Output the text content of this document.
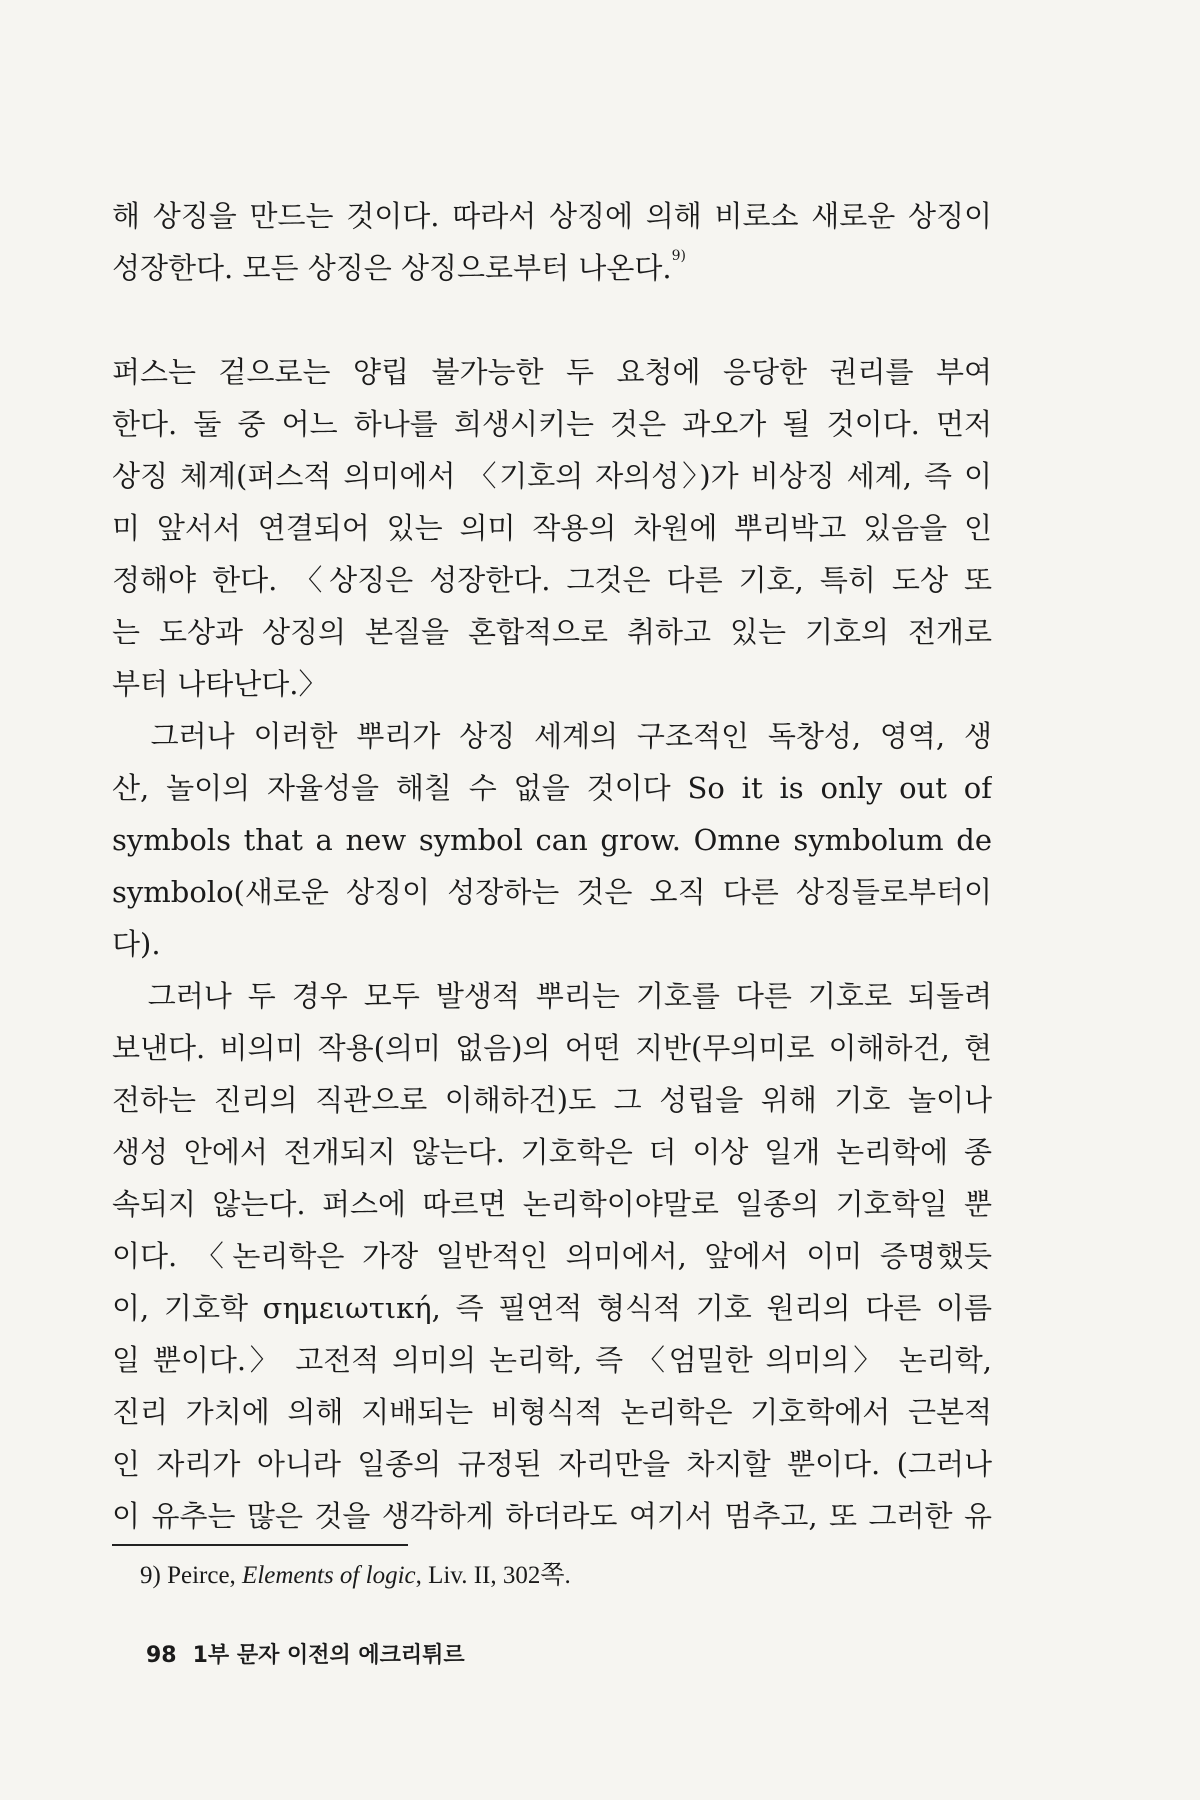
해 상징을 만드는 것이다. 따라서 상징에 의해 비로소 새로운 상징이
성장한다. 모든 상징은 상징으로부터 나온다.$^{9)}$
퍼스는 겉으로는 양립 불가능한 두 요청에 응당한 권리를 부여
한다. 둘 중 어느 하나를 희생시키는 것은 과오가 될 것이다. 먼저
상징 체계(퍼스적 의미에서 〈기호의 자의성〉)가 비상징 세계, 즉 이
미 앞서서 연결되어 있는 의미 작용의 차원에 뿌리박고 있음을 인
정해야 한다. 〈상징은 성장한다. 그것은 다른 기호, 특히 도상 또
는 도상과 상징의 본질을 혼합적으로 취하고 있는 기호의 전개로
부터 나타난다.〉
　그러나 이러한 뿌리가 상징 세계의 구조적인 독창성, 영역, 생
산, 놀이의 자율성을 해칠 수 없을 것이다 So it is only out of
symbols that a new symbol can grow. Omne symbolum de
symbolo(새로운 상징이 성장하는 것은 오직 다른 상징들로부터이
다).
　그러나 두 경우 모두 발생적 뿌리는 기호를 다른 기호로 되돌려
보낸다. 비의미 작용(의미 없음)의 어떤 지반(무의미로 이해하건, 현
전하는 진리의 직관으로 이해하건)도 그 성립을 위해 기호 놀이나
생성 안에서 전개되지 않는다. 기호학은 더 이상 일개 논리학에 종
속되지 않는다. 퍼스에 따르면 논리학이야말로 일종의 기호학일 뿐
이다. 〈논리학은 가장 일반적인 의미에서, 앞에서 이미 증명했듯
이, 기호학 σημειωτική, 즉 필연적 형식적 기호 원리의 다른 이름
일 뿐이다.〉 고전적 의미의 논리학, 즉 〈엄밀한 의미의〉 논리학,
진리 가치에 의해 지배되는 비형식적 논리학은 기호학에서 근본적
인 자리가 아니라 일종의 규정된 자리만을 차지할 뿐이다. (그러나
이 유추는 많은 것을 생각하게 하더라도 여기서 멈추고, 또 그러한 유
9) Peirce, Elements of logic, Liv. II, 302쪽.
98 1부 문자 이전의 에크리튀르
